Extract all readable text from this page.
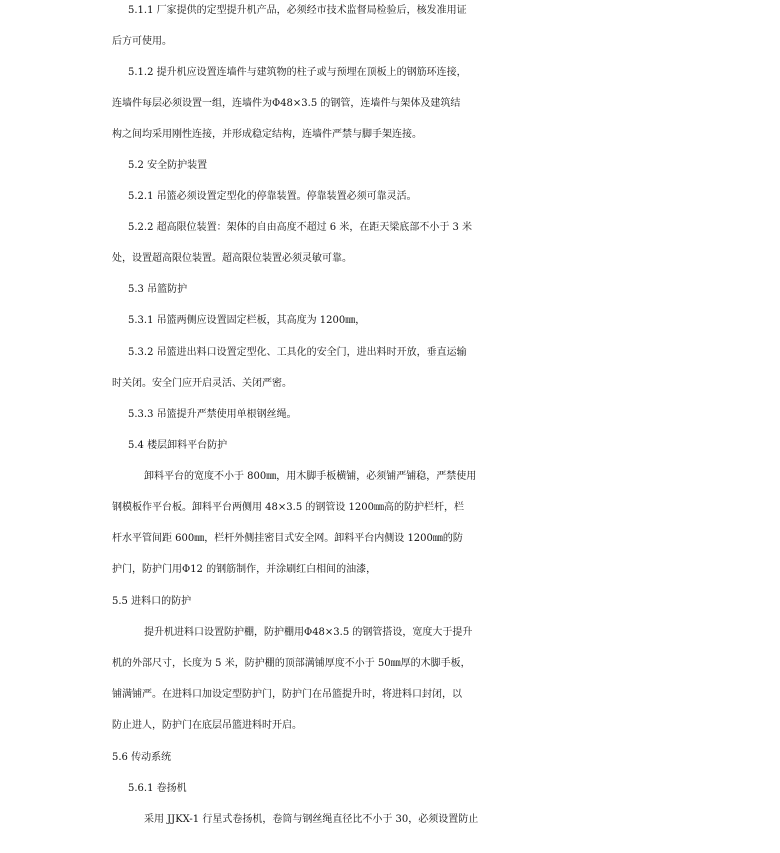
5.1.1 厂家提供的定型提升机产品，必须经市技术监督局检验后，核发准用证
后方可使用。
5.1.2 提升机应设置连墙件与建筑物的柱子或与预埋在顶板上的钢筋环连接，
连墙件每层必须设置一组，连墙件为Φ48×3.5 的钢管，连墙件与架体及建筑结
构之间均采用刚性连接，并形成稳定结构，连墙件严禁与脚手架连接。
5.2 安全防护装置
5.2.1 吊篮必须设置定型化的停靠装置。停靠装置必须可靠灵活。
5.2.2 超高限位装置：架体的自由高度不超过 6 米，在距天梁底部不小于 3 米
处，设置超高限位装置。超高限位装置必须灵敏可靠。
5.3 吊篮防护
5.3.1 吊篮两侧应设置固定栏板，其高度为 1200㎜，
5.3.2 吊篮进出料口设置定型化、工具化的安全门，进出料时开放，垂直运输
时关闭。安全门应开启灵活、关闭严密。
5.3.3 吊篮提升严禁使用单根钢丝绳。
5.4 楼层卸料平台防护
卸料平台的宽度不小于 800㎜，用木脚手板横铺，必须铺严铺稳，严禁使用
钢模板作平台板。卸料平台两侧用 48×3.5 的钢管设 1200㎜高的防护栏杆，栏
杆水平管间距 600㎜，栏杆外侧挂密目式安全网。卸料平台内侧设 1200㎜的防
护门，防护门用Φ12 的钢筋制作，并涂刷红白相间的油漆，
5.5 进料口的防护
提升机进料口设置防护棚，防护棚用Φ48×3.5 的钢管搭设，宽度大于提升
机的外部尺寸，长度为 5 米，防护棚的顶部满铺厚度不小于 50㎜厚的木脚手板，
铺满铺严。在进料口加设定型防护门，防护门在吊篮提升时，将进料口封闭，以
防止进人，防护门在底层吊篮进料时开启。
5.6 传动系统
5.6.1 卷扬机
采用 JJKX-1 行星式卷扬机，卷筒与钢丝绳直径比不小于 30，必须设置防止
